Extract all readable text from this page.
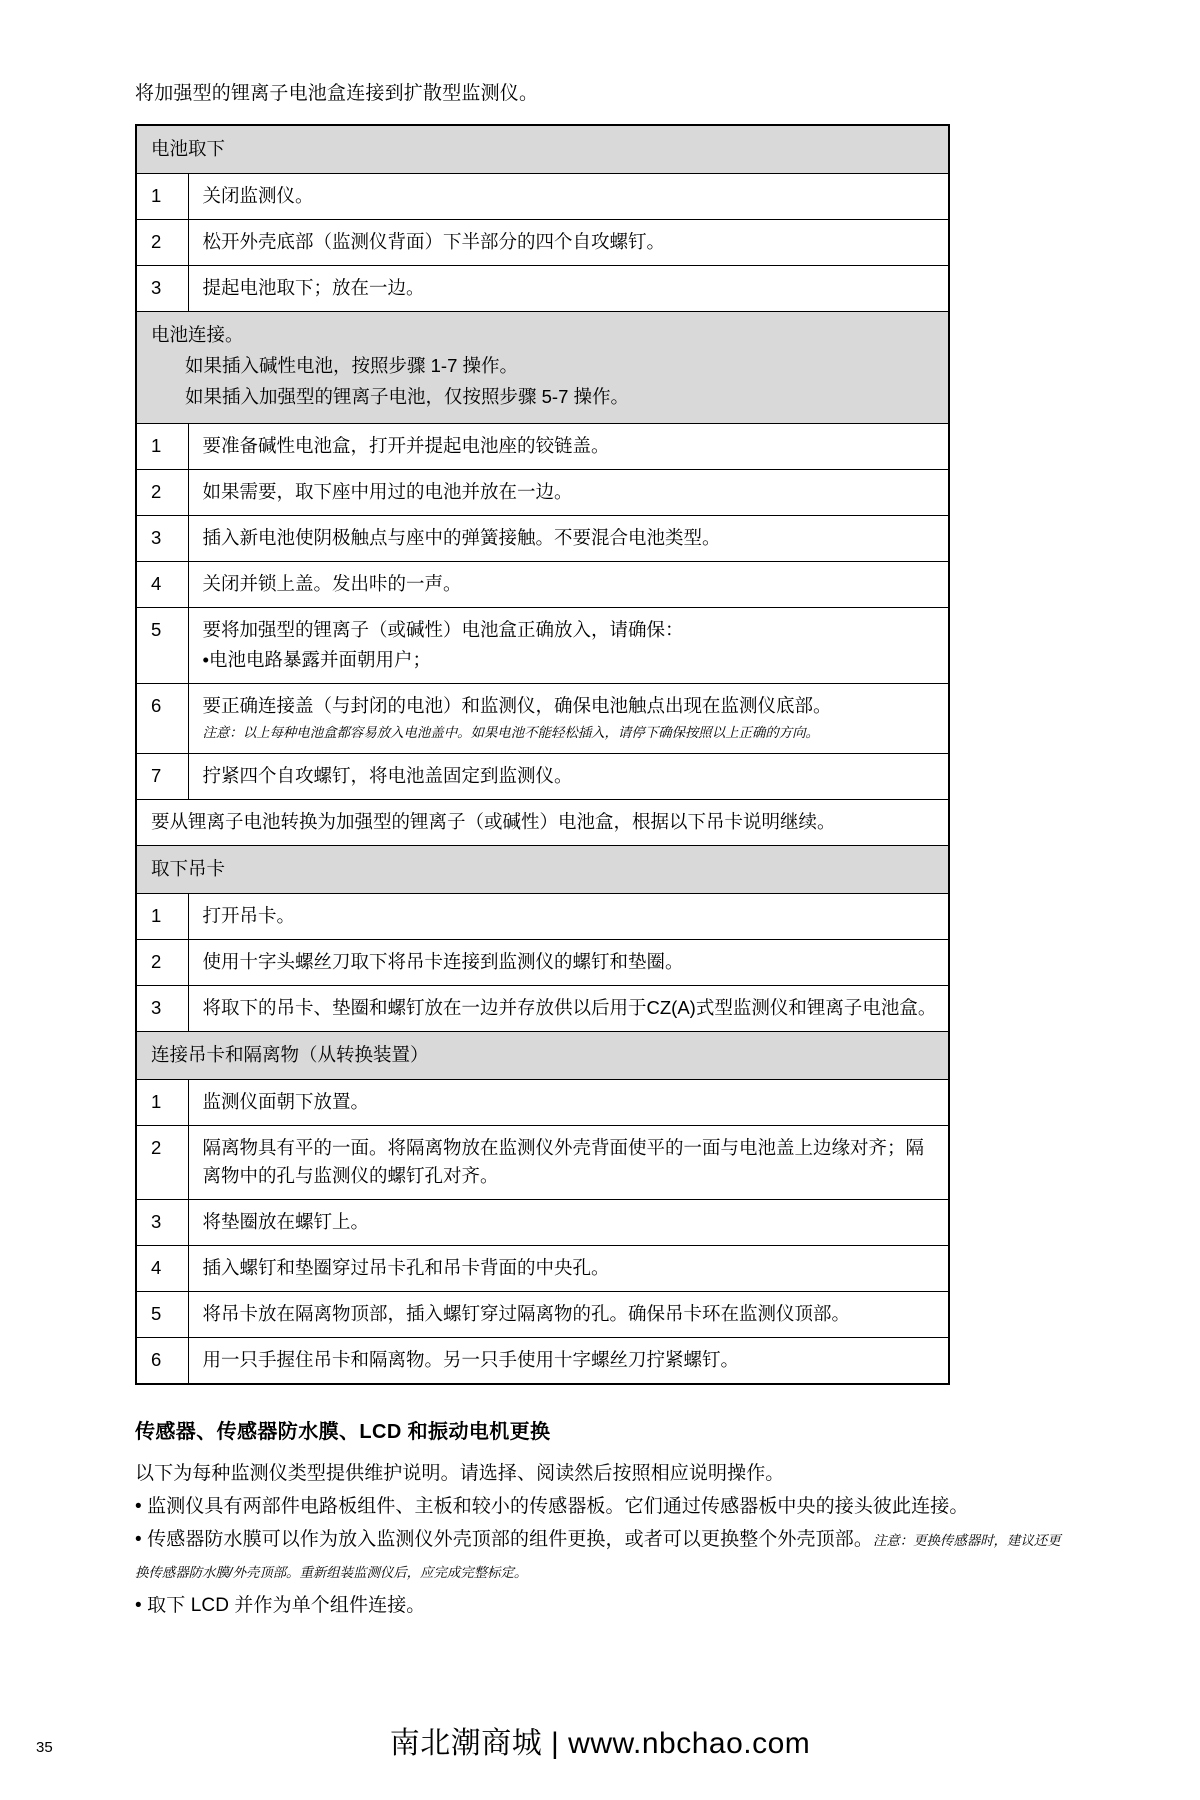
将加强型的锂离子电池盒连接到扩散型监测仪。

电池取下	
1	关闭监测仪。
2	松开外壳底部（监测仪背面）下半部分的四个自攻螺钉。
3	提起电池取下；放在一边。
电池连接。
如果插入碱性电池，按照步骤 1-7 操作。
如果插入加强型的锂离子电池，仅按照步骤 5-7 操作。	

1	要准备碱性电池盒，打开并提起电池座的铰链盖。
2	如果需要，取下座中用过的电池并放在一边。
3	插入新电池使阴极触点与座中的弹簧接触。不要混合电池类型。
4	关闭并锁上盖。发出咔的一声。
5	要将加强型的锂离子（或碱性）电池盒正确放入，请确保：
•电池电路暴露并面朝用户；

6	要正确连接盖（与封闭的电池）和监测仪，确保电池触点出现在监测仪底部。
注意：以上每种电池盒都容易放入电池盖中。如果电池不能轻松插入，请停下确保按照以上正确的方向。

7	拧紧四个自攻螺钉，将电池盖固定到监测仪。
要从锂离子电池转换为加强型的锂离子（或碱性）电池盒，根据以下吊卡说明继续。	
取下吊卡	
1	打开吊卡。
2	使用十字头螺丝刀取下将吊卡连接到监测仪的螺钉和垫圈。
3	将取下的吊卡、垫圈和螺钉放在一边并存放供以后用于CZ(A)式型监测仪和锂离子电池盒。
连接吊卡和隔离物（从转换装置）	
1	监测仪面朝下放置。
2	隔离物具有平的一面。将隔离物放在监测仪外壳背面使平的一面与电池盖上边缘对齐；隔离物中的孔与监测仪的螺钉孔对齐。
3	将垫圈放在螺钉上。
4	插入螺钉和垫圈穿过吊卡孔和吊卡背面的中央孔。
5	将吊卡放在隔离物顶部，插入螺钉穿过隔离物的孔。确保吊卡环在监测仪顶部。
6	用一只手握住吊卡和隔离物。另一只手使用十字螺丝刀拧紧螺钉。
传感器、传感器防水膜、LCD 和振动电机更换

以下为每种监测仪类型提供维护说明。请选择、阅读然后按照相应说明操作。

• 监测仪具有两部件电路板组件、主板和较小的传感器板。它们通过传感器板中央的接头彼此连接。

• 传感器防水膜可以作为放入监测仪外壳顶部的组件更换，或者可以更换整个外壳顶部。注意：更换传感器时，建议还更换传感器防水膜/外壳顶部。重新组装监测仪后，应完成完整标定。

• 取下 LCD 并作为单个组件连接。

35	南北潮商城 | www.nbchao.com
